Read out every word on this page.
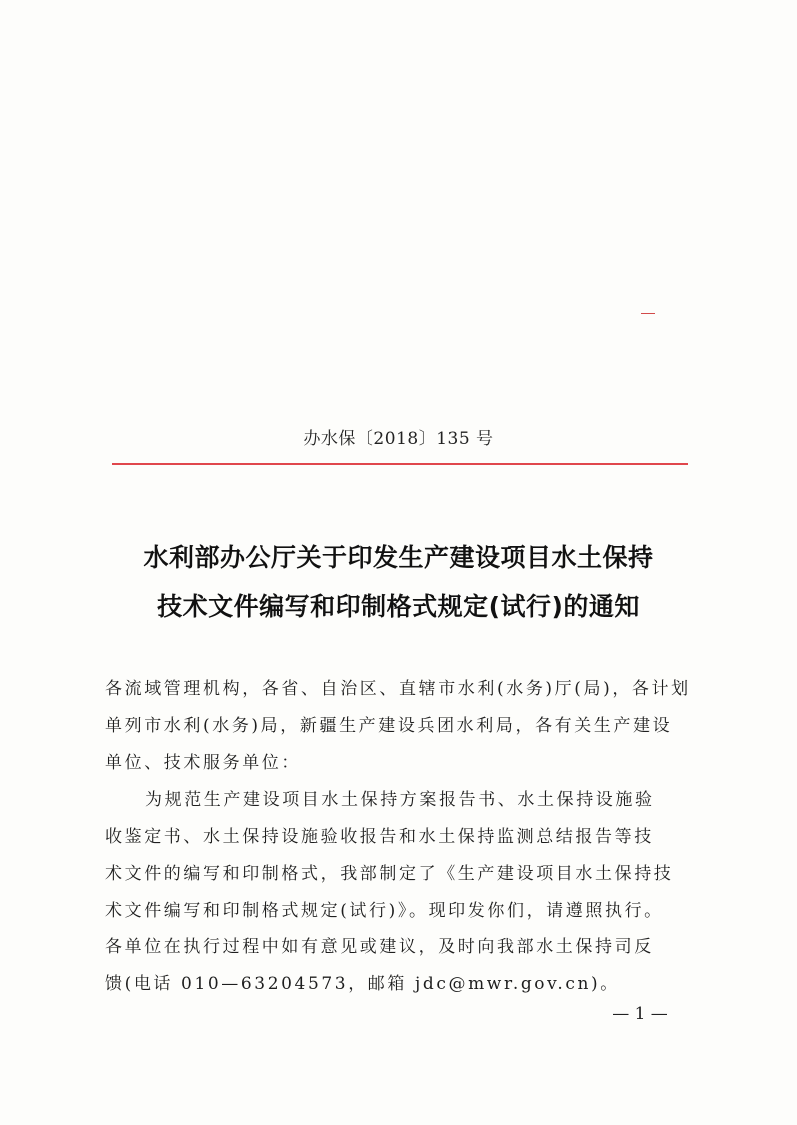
办水保〔2018〕135 号
水利部办公厅关于印发生产建设项目水土保持
技术文件编写和印制格式规定(试行)的通知
各流域管理机构，各省、自治区、直辖市水利(水务)厅(局)，各计划
单列市水利(水务)局，新疆生产建设兵团水利局，各有关生产建设
单位、技术服务单位：
为规范生产建设项目水土保持方案报告书、水土保持设施验
收鉴定书、水土保持设施验收报告和水土保持监测总结报告等技
术文件的编写和印制格式，我部制定了《生产建设项目水土保持技
术文件编写和印制格式规定(试行)》。现印发你们，请遵照执行。
各单位在执行过程中如有意见或建议，及时向我部水土保持司反
馈(电话 010—63204573，邮箱 jdc@mwr.gov.cn)。
— 1 —
